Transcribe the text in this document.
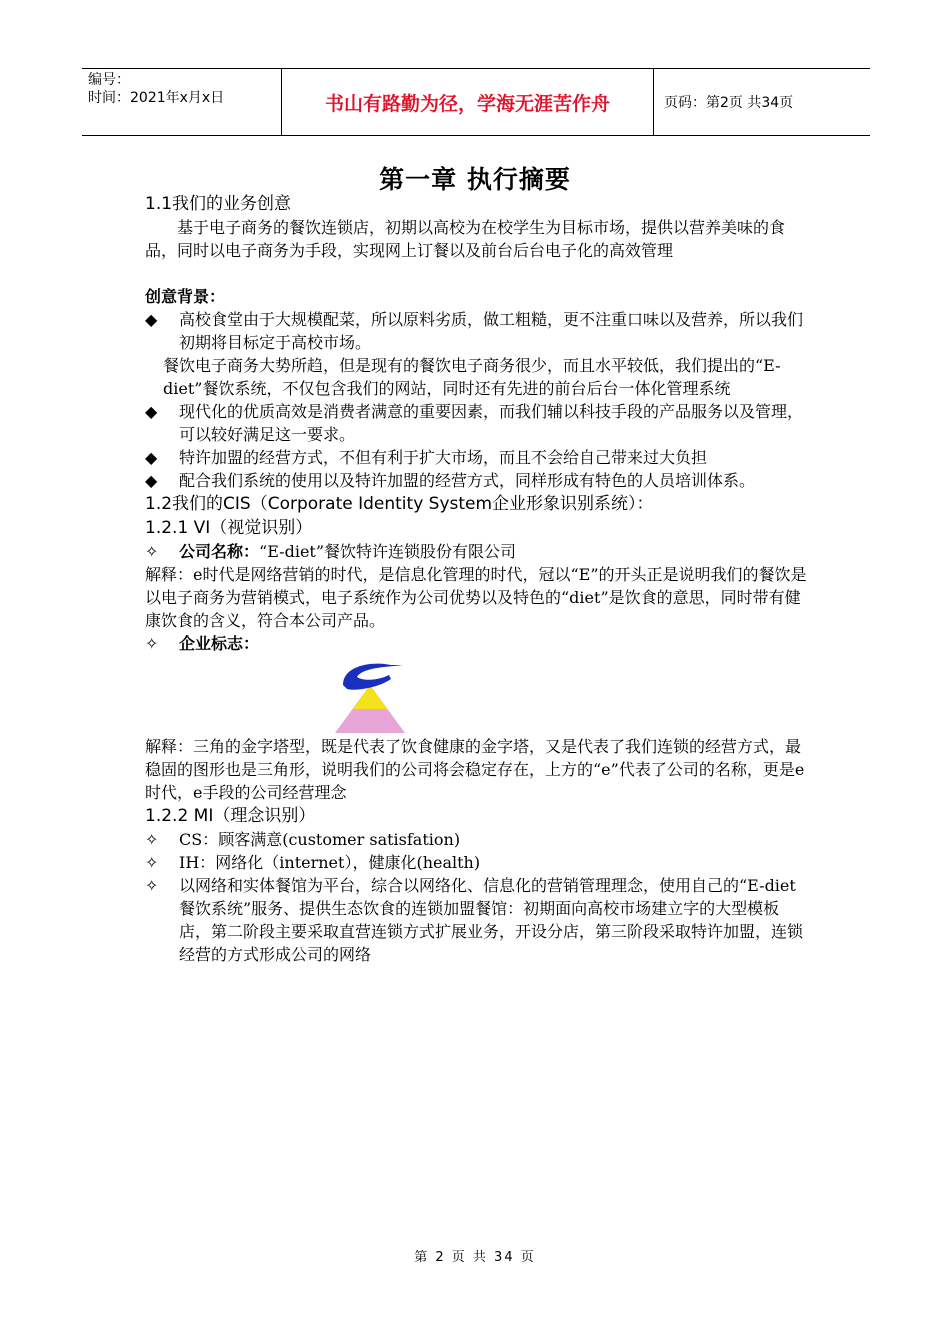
编号：
时间：2021年x月x日	书山有路勤为径，学海无涯苦作舟	页码：第2页 共34页
第一章 执行摘要

1.1我们的业务创意

基于电子商务的餐饮连锁店，初期以高校为在校学生为目标市场，提供以营养美味的食品，同时以电子商务为手段，实现网上订餐以及前台后台电子化的高效管理

创意背景：

◆	高校食堂由于大规模配菜，所以原料劣质，做工粗糙，更不注重口味以及营养，所以我们初期将目标定于高校市场。

餐饮电子商务大势所趋，但是现有的餐饮电子商务很少，而且水平较低，我们提出的“E-diet”餐饮系统，不仅包含我们的网站，同时还有先进的前台后台一体化管理系统

◆	现代化的优质高效是消费者满意的重要因素，而我们辅以科技手段的产品服务以及管理，可以较好满足这一要求。

◆	特许加盟的经营方式，不但有利于扩大市场，而且不会给自己带来过大负担

◆	配合我们系统的使用以及特许加盟的经营方式，同样形成有特色的人员培训体系。

1.2我们的CIS（Corporate Identity System企业形象识别系统）：

1.2.1 VI（视觉识别）

✧	公司名称：“E-diet”餐饮特许连锁股份有限公司

解释：e时代是网络营销的时代，是信息化管理的时代，冠以“E”的开头正是说明我们的餐饮是以电子商务为营销模式，电子系统作为公司优势以及特色的“diet”是饮食的意思，同时带有健康饮食的含义，符合本公司产品。

✧	企业标志：

解释：三角的金字塔型，既是代表了饮食健康的金字塔，又是代表了我们连锁的经营方式，最稳固的图形也是三角形，说明我们的公司将会稳定存在，上方的“e”代表了公司的名称，更是e时代，e手段的公司经营理念

1.2.2 MI（理念识别）

✧	CS：顾客满意(customer satisfation)

✧	IH：网络化（internet），健康化(health)

✧	以网络和实体餐馆为平台，综合以网络化、信息化的营销管理理念，使用自己的“E-diet餐饮系统”服务、提供生态饮食的连锁加盟餐馆：初期面向高校市场建立字的大型模板店，第二阶段主要采取直营连锁方式扩展业务，开设分店，第三阶段采取特许加盟，连锁经营的方式形成公司的网络

第 2 页 共 34 页
